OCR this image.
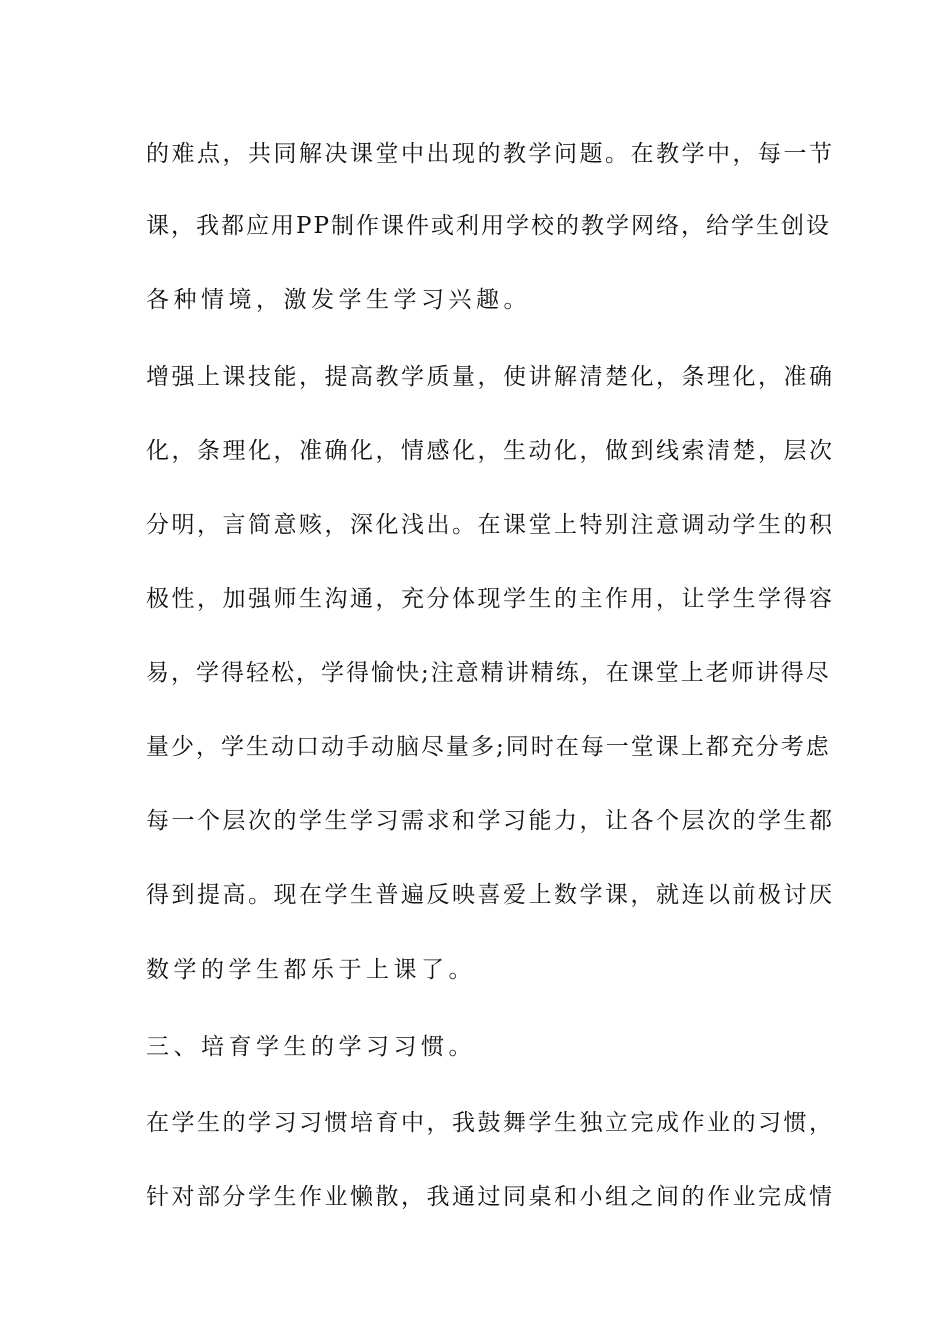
的难点，共同解决课堂中出现的教学问题。在教学中，每一节
课，我都应用PP制作课件或利用学校的教学网络，给学生创设
各种情境，激发学生学习兴趣。
增强上课技能，提高教学质量，使讲解清楚化，条理化，准确
化，条理化，准确化，情感化，生动化，做到线索清楚，层次
分明，言简意赅，深化浅出。在课堂上特别注意调动学生的积
极性，加强师生沟通，充分体现学生的主作用，让学生学得容
易，学得轻松，学得愉快;注意精讲精练，在课堂上老师讲得尽
量少，学生动口动手动脑尽量多;同时在每一堂课上都充分考虑
每一个层次的学生学习需求和学习能力，让各个层次的学生都
得到提高。现在学生普遍反映喜爱上数学课，就连以前极讨厌
数学的学生都乐于上课了。
三、培育学生的学习习惯。
在学生的学习习惯培育中，我鼓舞学生独立完成作业的习惯，
针对部分学生作业懒散，我通过同桌和小组之间的作业完成情
